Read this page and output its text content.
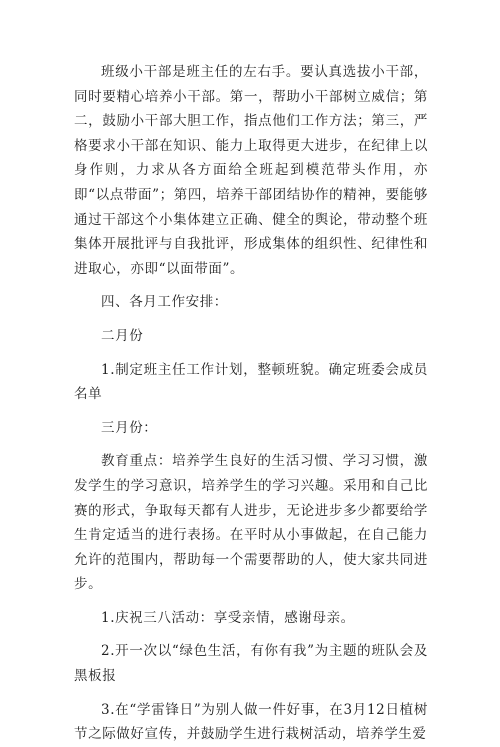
班级小干部是班主任的左右手。要认真选拔小干部，同时要精心培养小干部。第一，帮助小干部树立威信；第二，鼓励小干部大胆工作，指点他们工作方法；第三，严格要求小干部在知识、能力上取得更大进步，在纪律上以身作则，力求从各方面给全班起到模范带头作用，亦即“以点带面”；第四，培养干部团结协作的精神，要能够通过干部这个小集体建立正确、健全的舆论，带动整个班集体开展批评与自我批评，形成集体的组织性、纪律性和进取心，亦即“以面带面”。

四、各月工作安排：

二月份

1.制定班主任工作计划，整顿班貌。确定班委会成员名单

三月份：

教育重点：培养学生良好的生活习惯、学习习惯，激发学生的学习意识，培养学生的学习兴趣。采用和自己比赛的形式，争取每天都有人进步，无论进步多少都要给学生肯定适当的进行表扬。在平时从小事做起，在自己能力允许的范围内，帮助每一个需要帮助的人，使大家共同进步。

1.庆祝三八活动：享受亲情，感谢母亲。

2.开一次以“绿色生活，有你有我”为主题的班队会及黑板报

3.在“学雷锋日”为别人做一件好事，在3月12日植树节之际做好宣传，并鼓励学生进行栽树活动，培养学生爱
